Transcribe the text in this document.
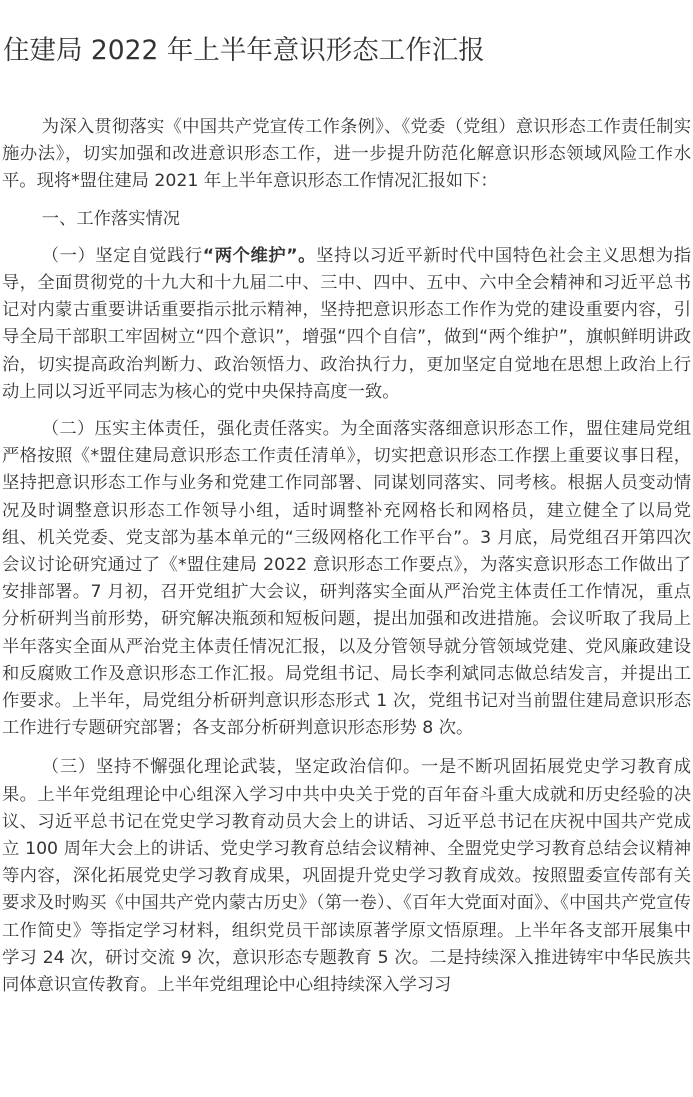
住建局 2022 年上半年意识形态工作汇报

为深入贯彻落实《中国共产党宣传工作条例》、《党委（党组）意识形态工作责任制实施办法》，切实加强和改进意识形态工作，进一步提升防范化解意识形态领域风险工作水平。现将*盟住建局 2021 年上半年意识形态工作情况汇报如下：

一、工作落实情况

（一）坚定自觉践行“两个维护”。坚持以习近平新时代中国特色社会主义思想为指导，全面贯彻党的十九大和十九届二中、三中、四中、五中、六中全会精神和习近平总书记对内蒙古重要讲话重要指示批示精神，坚持把意识形态工作作为党的建设重要内容，引导全局干部职工牢固树立“四个意识”，增强“四个自信”，做到“两个维护”，旗帜鲜明讲政治，切实提高政治判断力、政治领悟力、政治执行力，更加坚定自觉地在思想上政治上行动上同以习近平同志为核心的党中央保持高度一致。

（二）压实主体责任，强化责任落实。为全面落实落细意识形态工作，盟住建局党组严格按照《*盟住建局意识形态工作责任清单》，切实把意识形态工作摆上重要议事日程，坚持把意识形态工作与业务和党建工作同部署、同谋划同落实、同考核。根据人员变动情况及时调整意识形态工作领导小组，适时调整补充网格长和网格员，建立健全了以局党组、机关党委、党支部为基本单元的“三级网格化工作平台”。3 月底，局党组召开第四次会议讨论研究通过了《*盟住建局 2022 意识形态工作要点》，为落实意识形态工作做出了安排部署。7 月初，召开党组扩大会议，研判落实全面从严治党主体责任工作情况，重点分析研判当前形势，研究解决瓶颈和短板问题，提出加强和改进措施。会议听取了我局上半年落实全面从严治党主体责任情况汇报，以及分管领导就分管领域党建、党风廉政建设和反腐败工作及意识形态工作汇报。局党组书记、局长李利斌同志做总结发言，并提出工作要求。上半年，局党组分析研判意识形态形式 1 次，党组书记对当前盟住建局意识形态工作进行专题研究部署；各支部分析研判意识形态形势 8 次。

（三）坚持不懈强化理论武装，坚定政治信仰。一是不断巩固拓展党史学习教育成果。上半年党组理论中心组深入学习中共中央关于党的百年奋斗重大成就和历史经验的决议、习近平总书记在党史学习教育动员大会上的讲话、习近平总书记在庆祝中国共产党成立 100 周年大会上的讲话、党史学习教育总结会议精神、全盟党史学习教育总结会议精神等内容，深化拓展党史学习教育成果，巩固提升党史学习教育成效。按照盟委宣传部有关要求及时购买《中国共产党内蒙古历史》（第一卷）、《百年大党面对面》、《中国共产党宣传工作简史》等指定学习材料，组织党员干部读原著学原文悟原理。上半年各支部开展集中学习 24 次，研讨交流 9 次，意识形态专题教育 5 次。二是持续深入推进铸牢中华民族共同体意识宣传教育。上半年党组理论中心组持续深入学习习
